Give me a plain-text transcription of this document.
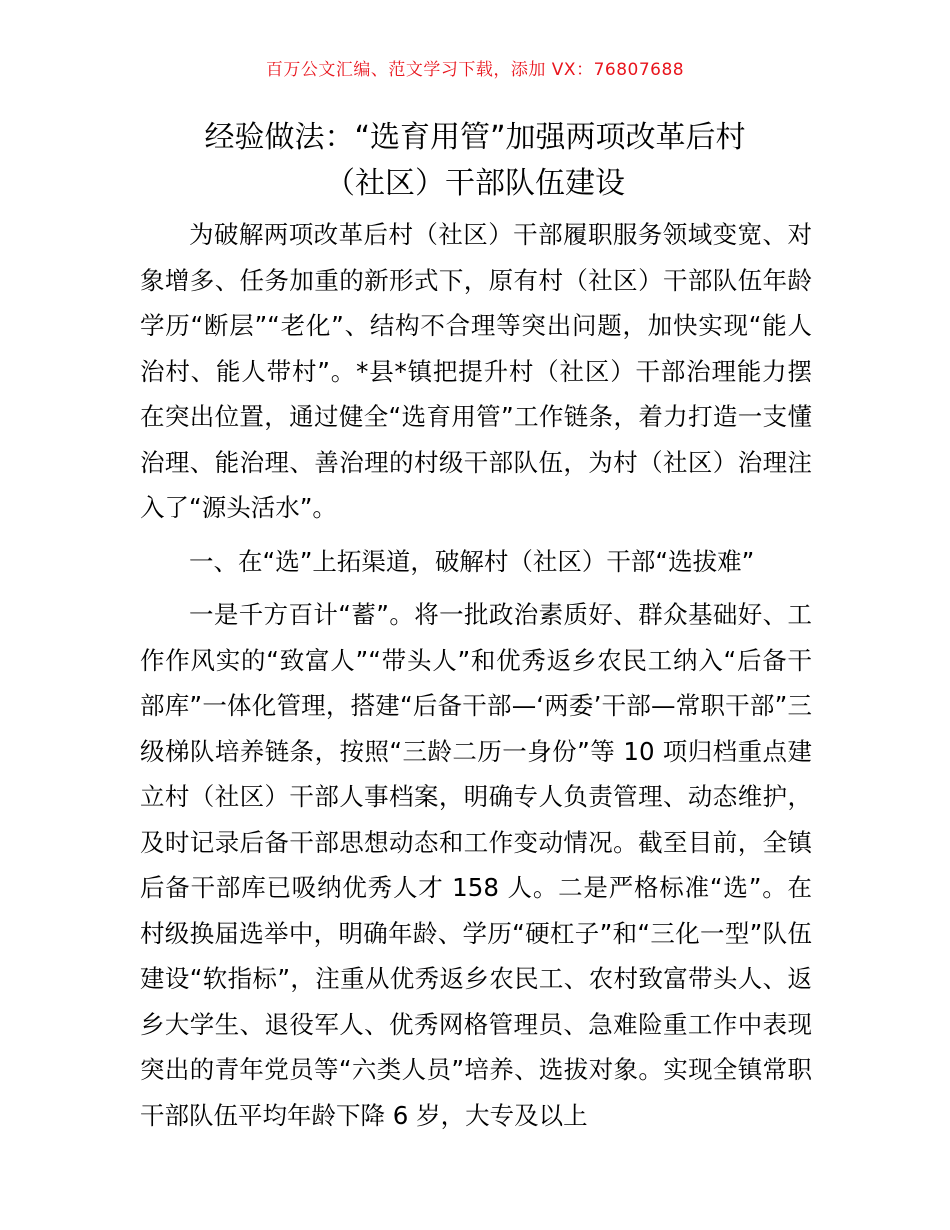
百万公文汇编、范文学习下载，添加 VX：76807688
经验做法：“选育用管”加强两项改革后村
（社区）干部队伍建设

为破解两项改革后村（社区）干部履职服务领域变宽、对象增多、任务加重的新形式下，原有村（社区）干部队伍年龄学历“断层”“老化”、结构不合理等突出问题，加快实现“能人治村、能人带村”。*县*镇把提升村（社区）干部治理能力摆在突出位置，通过健全“选育用管”工作链条，着力打造一支懂治理、能治理、善治理的村级干部队伍，为村（社区）治理注入了“源头活水”。

一、在“选”上拓渠道，破解村（社区）干部“选拔难”

一是千方百计“蓄”。将一批政治素质好、群众基础好、工作作风实的“致富人”“带头人”和优秀返乡农民工纳入“后备干部库”一体化管理，搭建“后备干部—‘两委’干部—常职干部”三级梯队培养链条，按照“三龄二历一身份”等 10 项归档重点建立村（社区）干部人事档案，明确专人负责管理、动态维护，及时记录后备干部思想动态和工作变动情况。截至目前，全镇后备干部库已吸纳优秀人才 158 人。二是严格标准“选”。在村级换届选举中，明确年龄、学历“硬杠子”和“三化一型”队伍建设“软指标”，注重从优秀返乡农民工、农村致富带头人、返乡大学生、退役军人、优秀网格管理员、急难险重工作中表现突出的青年党员等“六类人员”培养、选拔对象。实现全镇常职干部队伍平均年龄下降 6 岁，大专及以上
